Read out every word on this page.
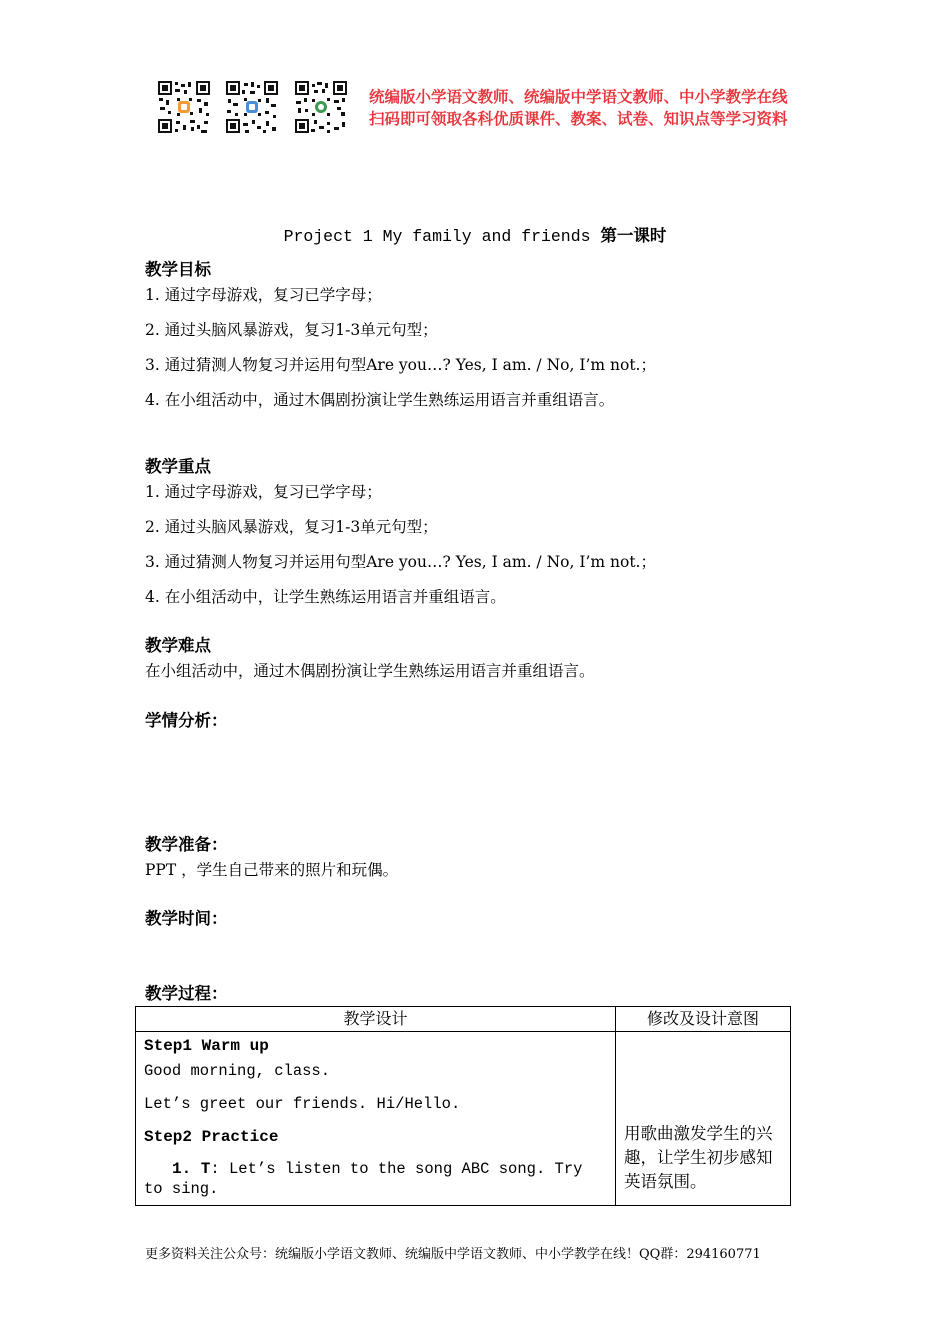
统编版小学语文教师、统编版中学语文教师、中小学教学在线
扫码即可领取各科优质课件、教案、试卷、知识点等学习资料
Project 1 My family and friends 第一课时
教学目标
1. 通过字母游戏，复习已学字母；
2. 通过头脑风暴游戏，复习1-3单元句型；
3. 通过猜测人物复习并运用句型Are you…? Yes, I am. / No, I’m not.；
4. 在小组活动中，通过木偶剧扮演让学生熟练运用语言并重组语言。
教学重点
1. 通过字母游戏，复习已学字母；
2. 通过头脑风暴游戏，复习1-3单元句型；
3. 通过猜测人物复习并运用句型Are you…? Yes, I am. / No, I’m not.；
4. 在小组活动中，让学生熟练运用语言并重组语言。
教学难点
在小组活动中，通过木偶剧扮演让学生熟练运用语言并重组语言。
学情分析：
教学准备：
PPT ，学生自己带来的照片和玩偶。
教学时间：
教学过程：
教学设计	修改及设计意图

Step1 Warm up
Good morning, class.
Let’s greet our friends. Hi/Hello.
Step2 Practice
1. T: Let’s listen to the song ABC song. Try to sing.	用歌曲激发学生的兴趣，让学生初步感知英语氛围。
更多资料关注公众号：统编版小学语文教师、统编版中学语文教师、中小学教学在线！QQ群：294160771
